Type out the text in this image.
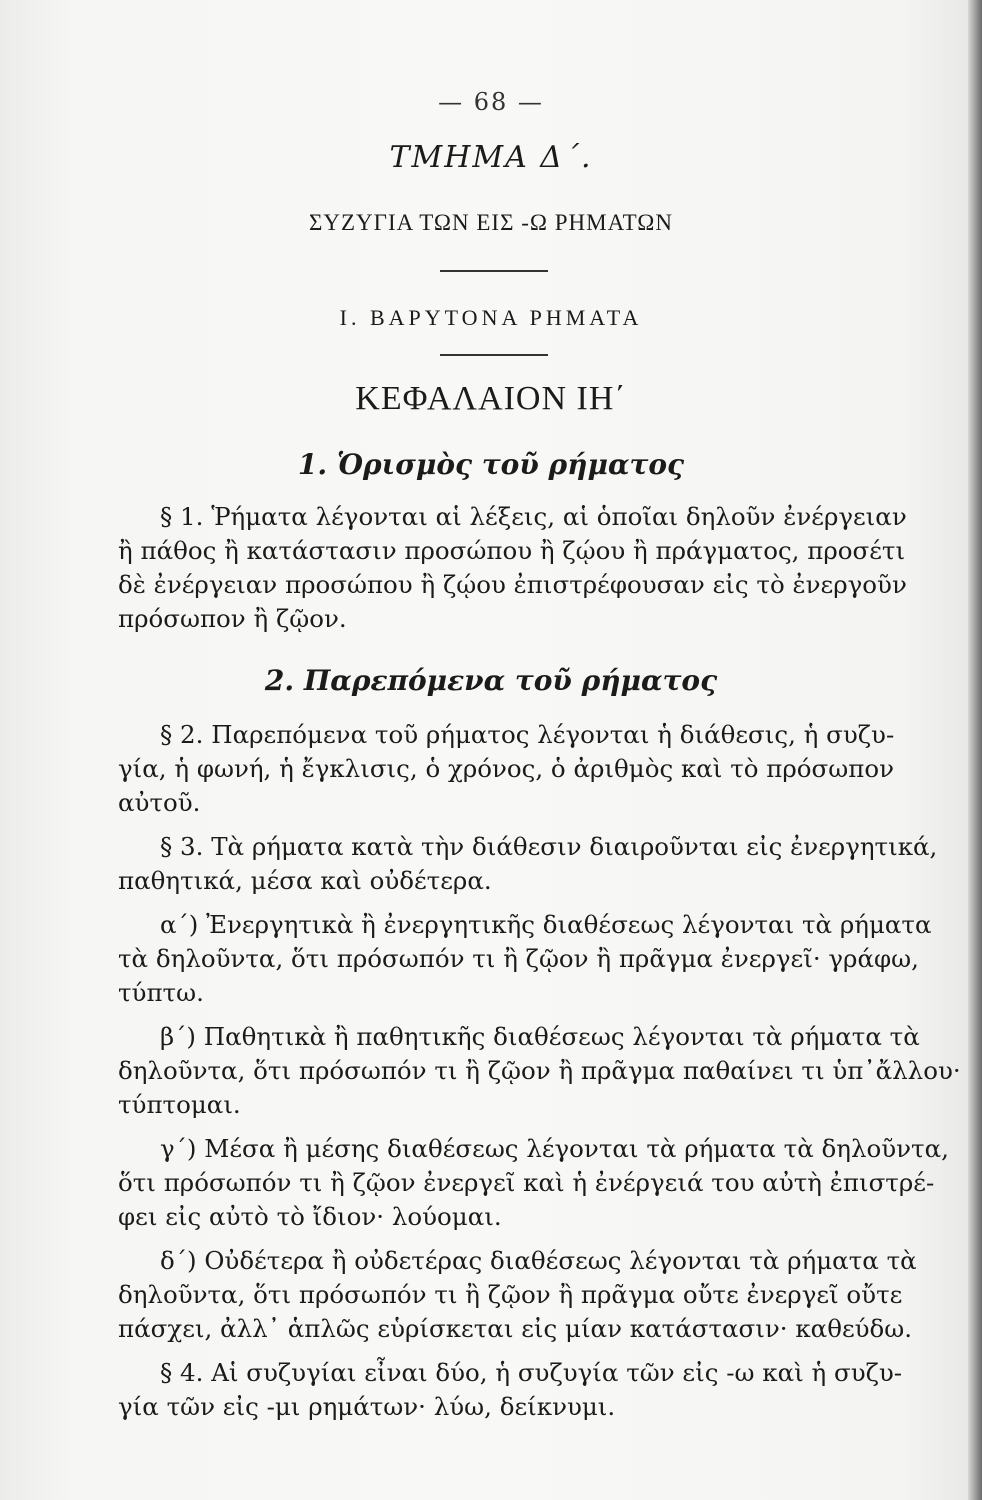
— 68 —
ΤΜΗΜΑ Δ΄.
ΣΥΖΥΓΙΑ ΤΩΝ ΕΙΣ -Ω ΡΗΜΑΤΩΝ
Ι. ΒΑΡΥΤΟΝΑ ΡΗΜΑΤΑ
ΚΕΦΑΛΑΙΟΝ ΙΗ΄
1. Ὁρισμὸς τοῦ ρήματος
§ 1. Ῥήματα λέγονται αἱ λέξεις, αἱ ὁποῖαι δηλοῦν ἐνέργειαν
ἢ πάθος ἢ κατάστασιν προσώπου ἢ ζῴου ἢ πράγματος, προσέτι
δὲ ἐνέργειαν προσώπου ἢ ζῴου ἐπιστρέφουσαν εἰς τὸ ἐνεργοῦν
πρόσωπον ἢ ζῷον.
2. Παρεπόμενα τοῦ ρήματος
§ 2. Παρεπόμενα τοῦ ρήματος λέγονται ἡ διάθεσις, ἡ συζυ-
γία, ἡ φωνή, ἡ ἔγκλισις, ὁ χρόνος, ὁ ἀριθμὸς καὶ τὸ πρόσωπον
αὐτοῦ.
§ 3. Τὰ ρήματα κατὰ τὴν διάθεσιν διαιροῦνται εἰς ἐνεργητικά,
παθητικά, μέσα καὶ οὐδέτερα.
α΄) Ἐνεργητικὰ ἢ ἐνεργητικῆς διαθέσεως λέγονται τὰ ρήματα
τὰ δηλοῦντα, ὅτι πρόσωπόν τι ἢ ζῷον ἢ πρᾶγμα ἐνεργεῖ· γράφω,
τύπτω.
β΄) Παθητικὰ ἢ παθητικῆς διαθέσεως λέγονται τὰ ρήματα τὰ
δηλοῦντα, ὅτι πρόσωπόν τι ἢ ζῷον ἢ πρᾶγμα παθαίνει τι ὑπ᾿ἄλλου·
τύπτομαι.
γ΄) Μέσα ἢ μέσης διαθέσεως λέγονται τὰ ρήματα τὰ δηλοῦντα,
ὅτι πρόσωπόν τι ἢ ζῷον ἐνεργεῖ καὶ ἡ ἐνέργειά του αὐτὴ ἐπιστρέ-
φει εἰς αὐτὸ τὸ ἴδιον· λούομαι.
δ΄) Οὐδέτερα ἢ οὐδετέρας διαθέσεως λέγονται τὰ ρήματα τὰ
δηλοῦντα, ὅτι πρόσωπόν τι ἢ ζῷον ἢ πρᾶγμα οὔτε ἐνεργεῖ οὔτε
πάσχει, ἀλλ᾿ ἁπλῶς εὑρίσκεται εἰς μίαν κατάστασιν· καθεύδω.
§ 4. Αἱ συζυγίαι εἶναι δύο, ἡ συζυγία τῶν εἰς -ω καὶ ἡ συζυ-
γία τῶν εἰς -μι ρημάτων· λύω, δείκνυμι.
